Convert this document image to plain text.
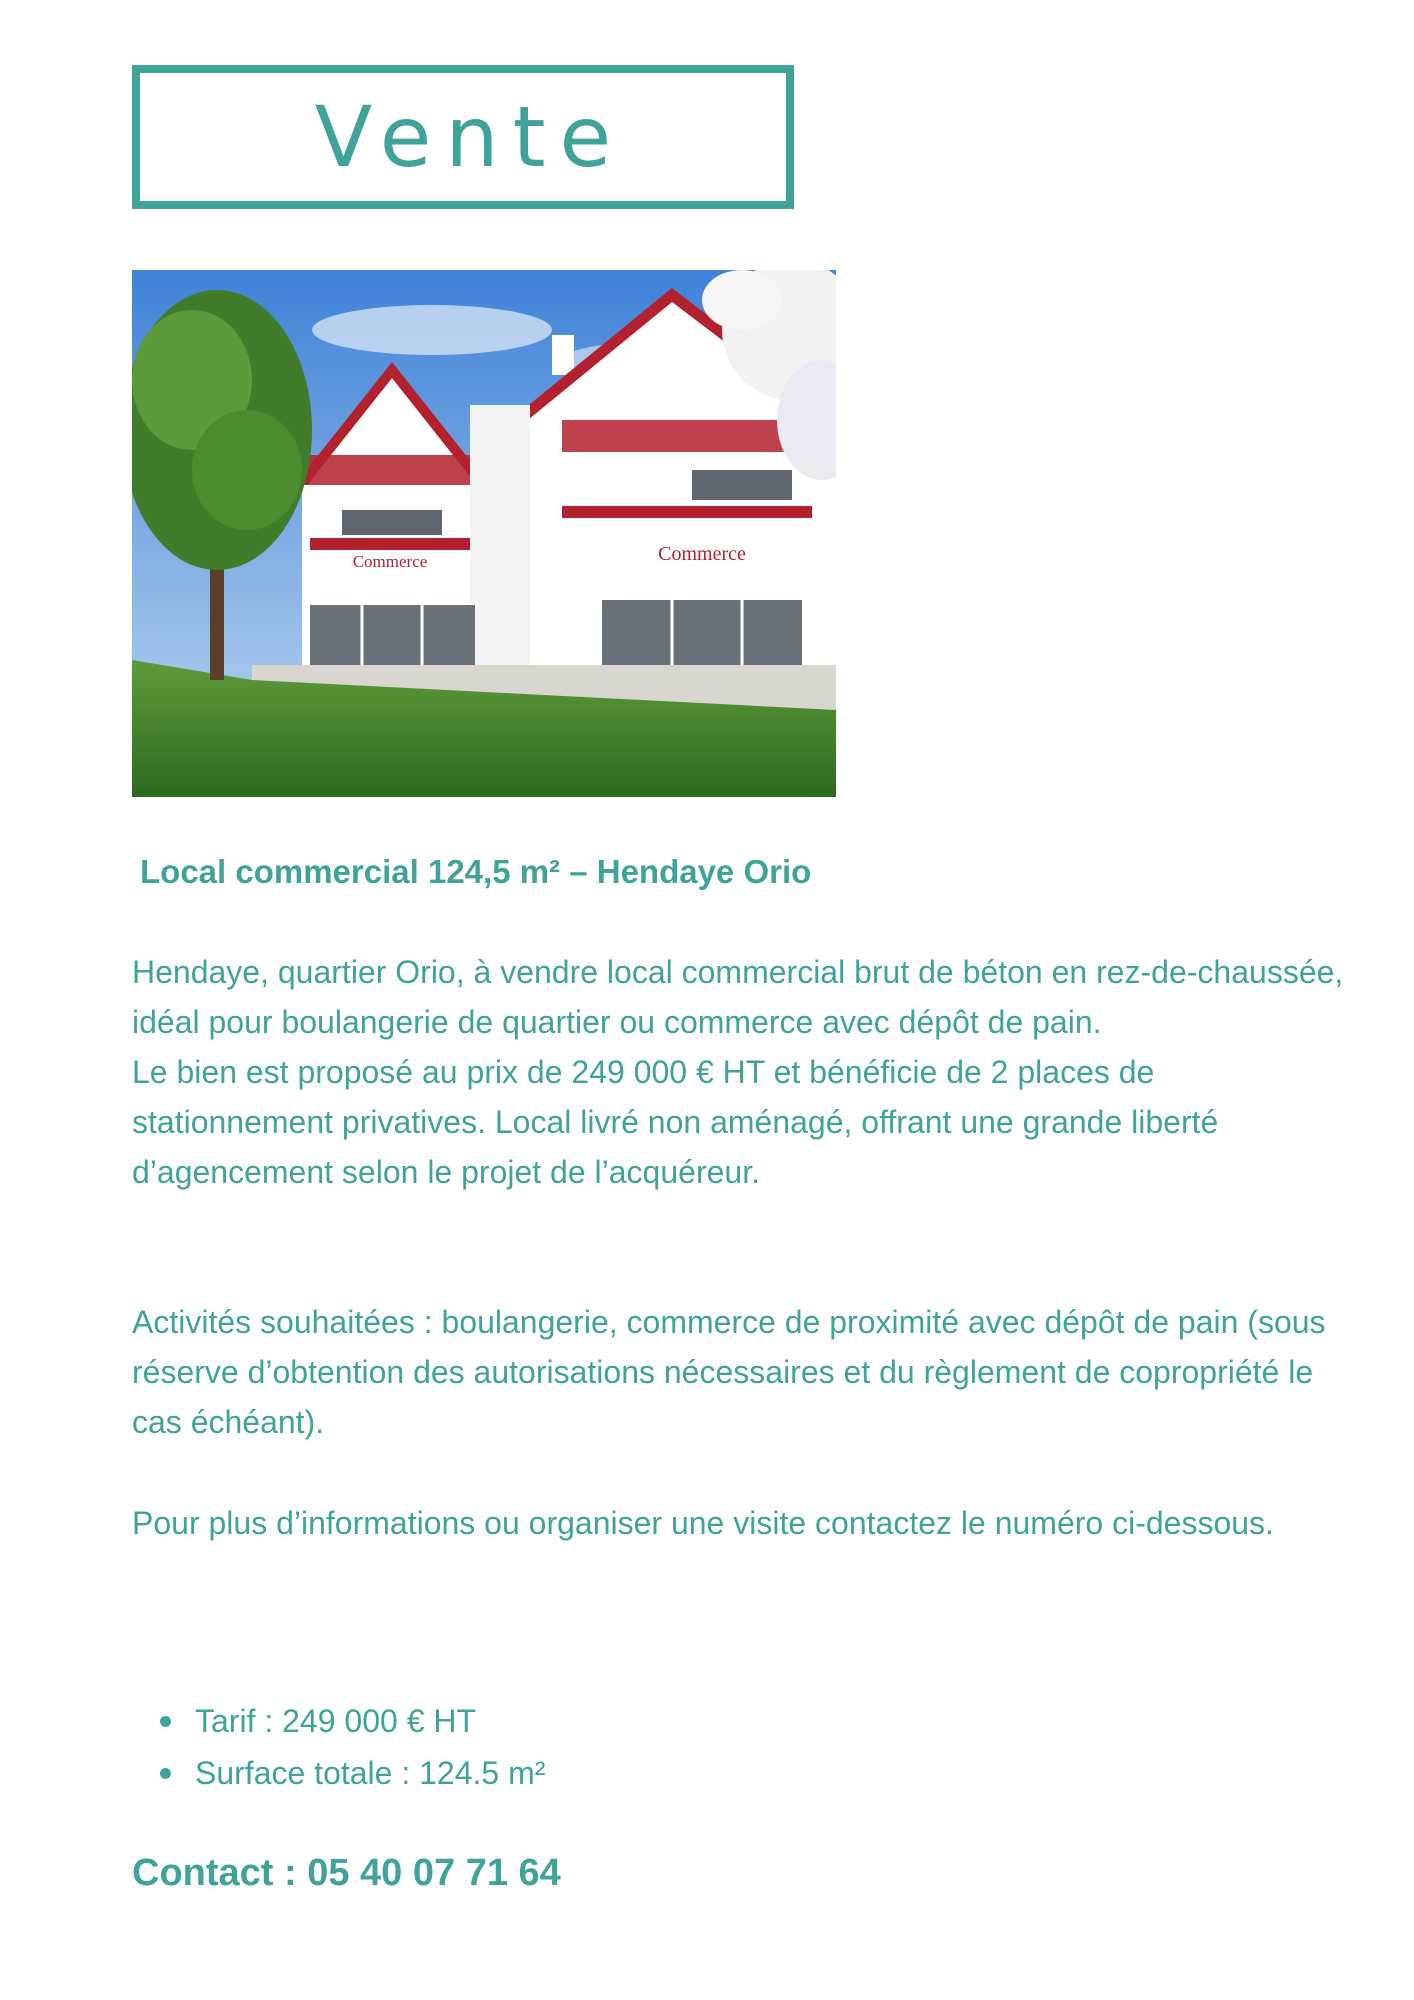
Vente
Commerce	Commerce
Local commercial 124,5 m² – Hendaye Orio
Hendaye, quartier Orio, à vendre local commercial brut de béton en rez-de-chaussée, idéal pour boulangerie de quartier ou commerce avec dépôt de pain.
Le bien est proposé au prix de 249 000 € HT et bénéficie de 2 places de stationnement privatives. Local livré non aménagé, offrant une grande liberté d’agencement selon le projet de l’acquéreur.

Activités souhaitées : boulangerie, commerce de proximité avec dépôt de pain (sous réserve d’obtention des autorisations nécessaires et du règlement de copropriété le cas échéant).

Pour plus d’informations ou organiser une visite contactez le numéro ci-dessous.

Tarif : 249 000 € HT
Surface totale : 124.5 m²
Contact : 05 40 07 71 64
